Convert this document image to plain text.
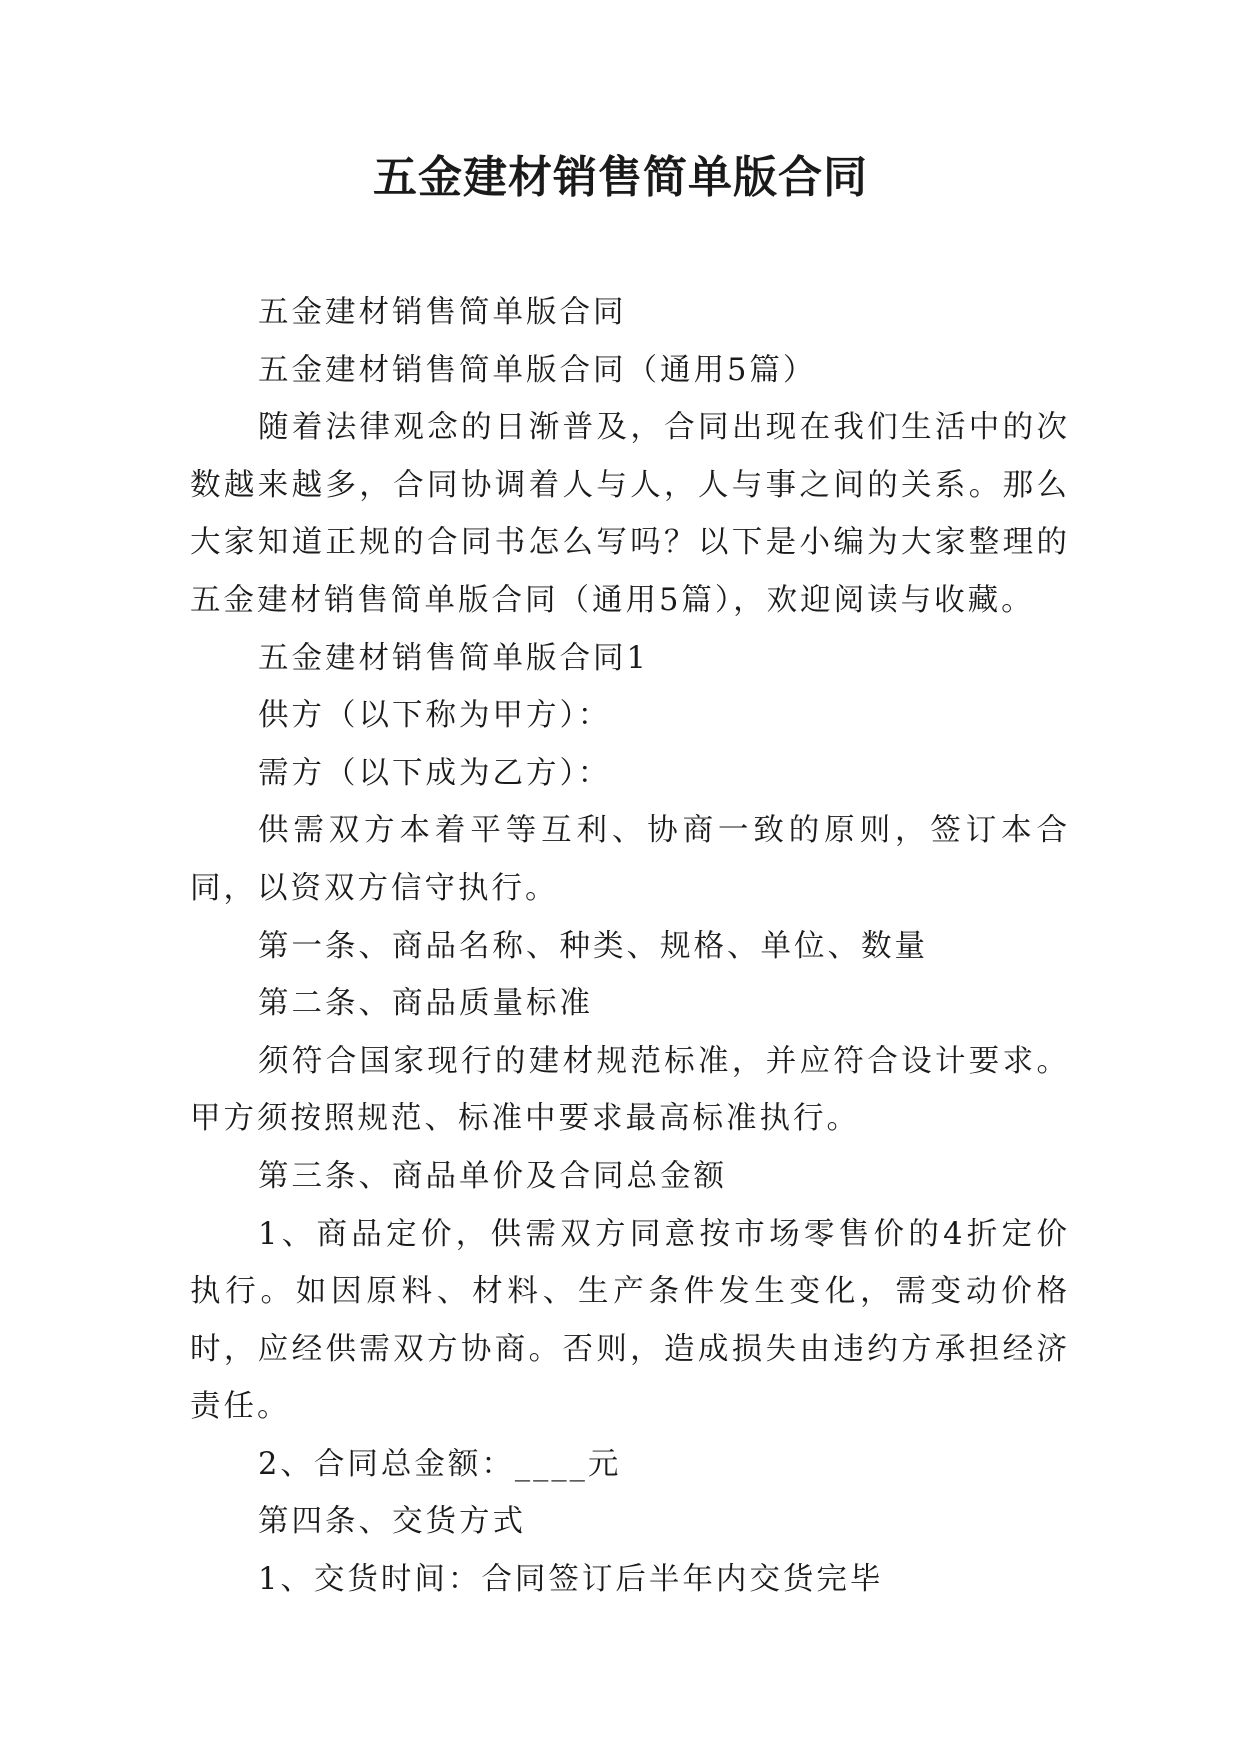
五金建材销售简单版合同

五金建材销售简单版合同

五金建材销售简单版合同（通用5篇）

随着法律观念的日渐普及，合同出现在我们生活中的次数越来越多，合同协调着人与人，人与事之间的关系。那么大家知道正规的合同书怎么写吗？以下是小编为大家整理的五金建材销售简单版合同（通用5篇），欢迎阅读与收藏。

五金建材销售简单版合同1

供方（以下称为甲方）：

需方（以下成为乙方）：

供需双方本着平等互利、协商一致的原则，签订本合同，以资双方信守执行。

第一条、商品名称、种类、规格、单位、数量

第二条、商品质量标准

须符合国家现行的建材规范标准，并应符合设计要求。甲方须按照规范、标准中要求最高标准执行。

第三条、商品单价及合同总金额

1、商品定价，供需双方同意按市场零售价的4折定价执行。如因原料、材料、生产条件发生变化，需变动价格时，应经供需双方协商。否则，造成损失由违约方承担经济责任。

2、合同总金额：____元

第四条、交货方式

1、交货时间：合同签订后半年内交货完毕
